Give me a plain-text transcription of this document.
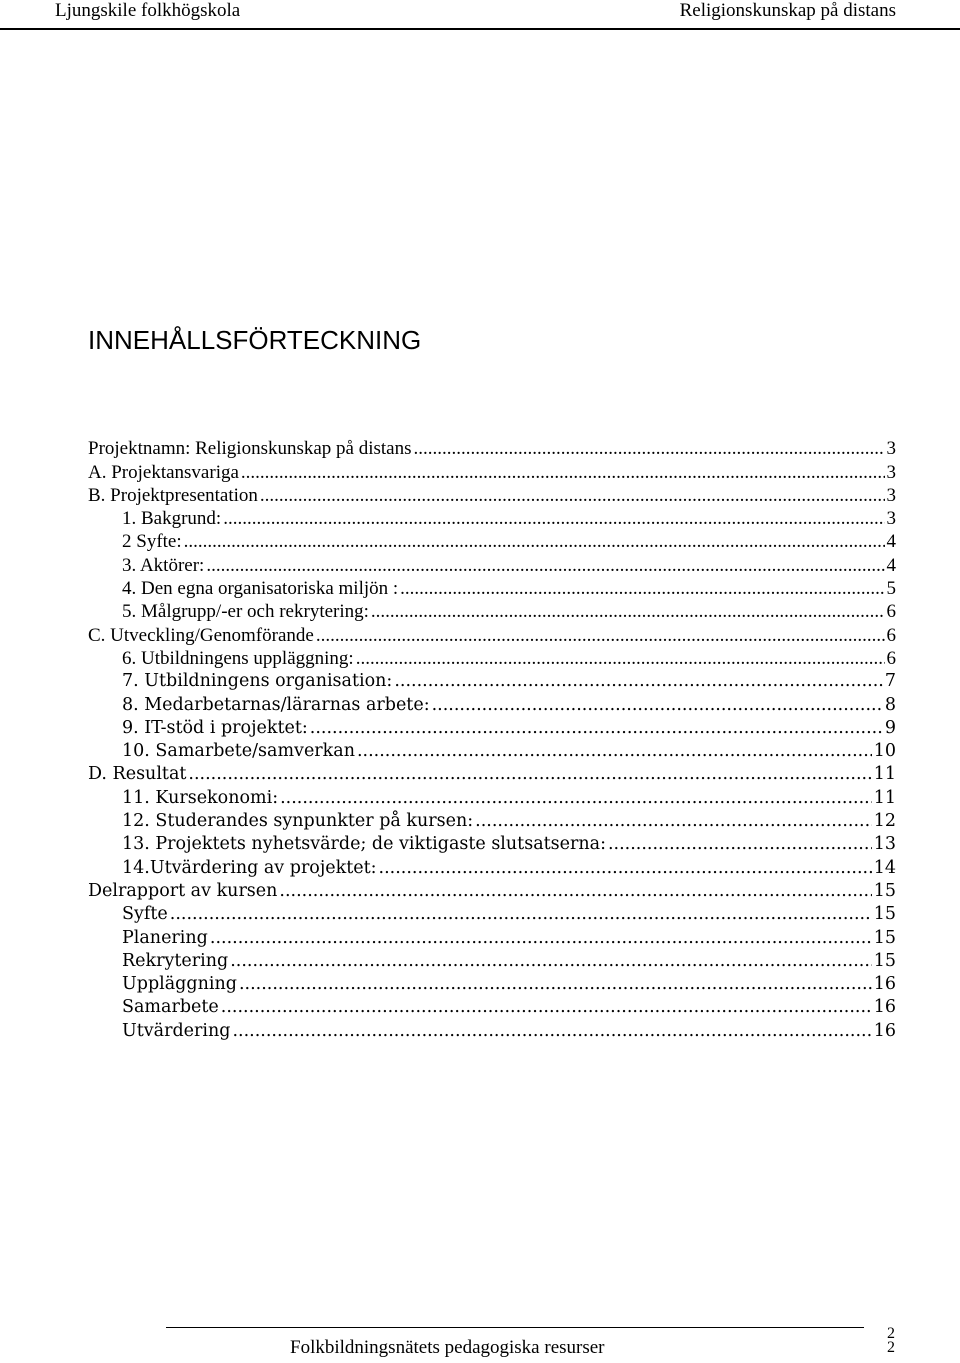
Ljungskile folkhögskola	Religionskunskap på distans
INNEHÅLLSFÖRTECKNING
Projektnamn: Religionskunskap på distans .....	3
A. Projektansvariga .....	3
B. Projektpresentation .....	3
1. Bakgrund: .....	3
2 Syfte: .....	4
3. Aktörer: .....	4
4. Den egna organisatoriska miljön : .....	5
5. Målgrupp/-er och rekrytering: .....	6
C. Utveckling/Genomförande .....	6
6. Utbildningens uppläggning: .....	6
7. Utbildningens organisation: .....	7
8. Medarbetarnas/lärarnas arbete: .....	8
9. IT-stöd i projektet: .....	9
10. Samarbete/samverkan .....	10
D. Resultat .....	11
11. Kursekonomi: .....	11
12. Studerandes synpunkter på kursen: .....	12
13. Projektets nyhetsvärde; de viktigaste slutsatserna: .....	13
14.Utvärdering av projektet: .....	14
Delrapport av kursen .....	15
Syfte .....	15
Planering .....	15
Rekrytering .....	15
Uppläggning .....	16
Samarbete .....	16
Utvärdering .....	16
Folkbildningsnätets pedagogiska resurser
2
2
